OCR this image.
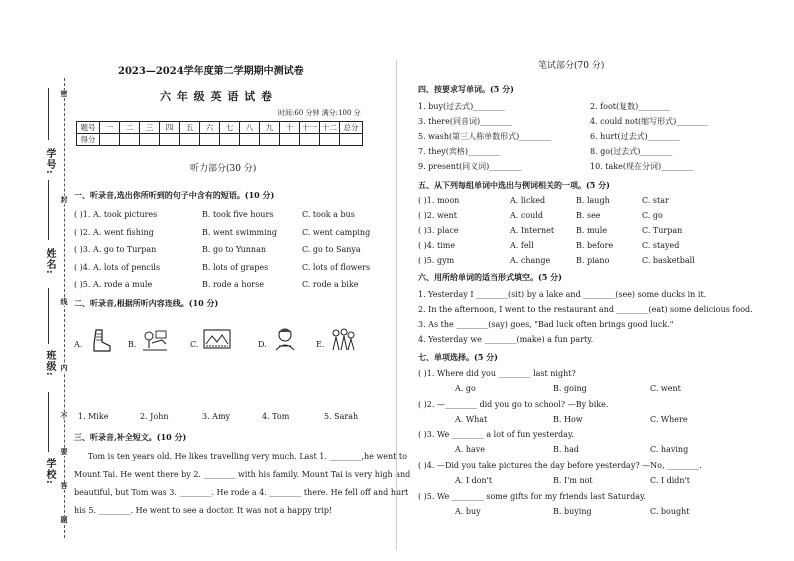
学号:
姓名:
班级:
学校:
密
封
线
内
不
要
答
题
2023—2024学年度第二学期期中测试卷
六 年 级 英 语 试 卷
时间:60 分钟 满分:100 分
题号	一	二	三	四	五	六	七	八	九	十	十一	十二	总分
得分													
听力部分(30 分)
一、听录音,选出你所听到的句子中含有的短语。(10 分)
( )1. A. took pictures	B. took five hours	C. took a bus
( )2. A. went fishing	B. went swimming	C. went camping
( )3. A. go to Turpan	B. go to Yunnan	C. go to Sanya
( )4. A. lots of pencils	B. lots of grapes	C. lots of flowers
( )5. A. rode a mule	B. rode a horse	C. rode a bike
二、听录音,根据所听内容连线。(10 分)
A.	B.	C.	D.	E.
1. Mike	2. John	3. Amy	4. Tom	5. Sarah
三、听录音,补全短文。(10 分)
Tom is ten years old. He likes travelling very much. Last 1. ________,he went to
Mount Tai. He went there by 2. ________ with his family. Mount Tai is very high and
beautiful, but Tom was 3. ________. He rode a 4. ________ there. He fell off and hurt
his 5. ________. He went to see a doctor. It was not a happy trip!
笔试部分(70 分)
四、按要求写单词。(5 分)
1. buy(过去式)________
3. there(同音词)________
5. wash(第三人称单数形式)________
7. they(宾格)________
9. present(同义词)________
2. foot(复数)________
4. could not(缩写形式)________
6. hurt(过去式)________
8. go(过去式)________
10. take(现在分词)________
五、从下列每组单词中选出与例词相关的一项。(5 分)
( )1. moon	A. licked	B. laugh	C. star
( )2. went	A. could	B. see	C. go
( )3. place	A. Internet	B. mule	C. Turpan
( )4. time	A. fell	B. before	C. stayed
( )5. gym	A. change	B. piano	C. basketball
六、用所给单词的适当形式填空。(5 分)
1. Yesterday I ________(sit) by a lake and ________(see) some ducks in it.
2. In the afternoon, I went to the restaurant and ________(eat) some delicious food.
3. As the ________(say) goes, "Bad luck often brings good luck."
4. Yesterday we ________(make) a fun party.
七、单项选择。(5 分)
( )1. Where did you ________ last night?
A. go	B. going	C. went
( )2. —________ did you go to school? —By bike.
A. What	B. How	C. Where
( )3. We ________ a lot of fun yesterday.
A. have	B. had	C. having
( )4. —Did you take pictures the day before yesterday? —No, ________.
A. I don't	B. I'm not	C. I didn't
( )5. We ________ some gifts for my friends last Saturday.
A. buy	B. buying	C. bought
